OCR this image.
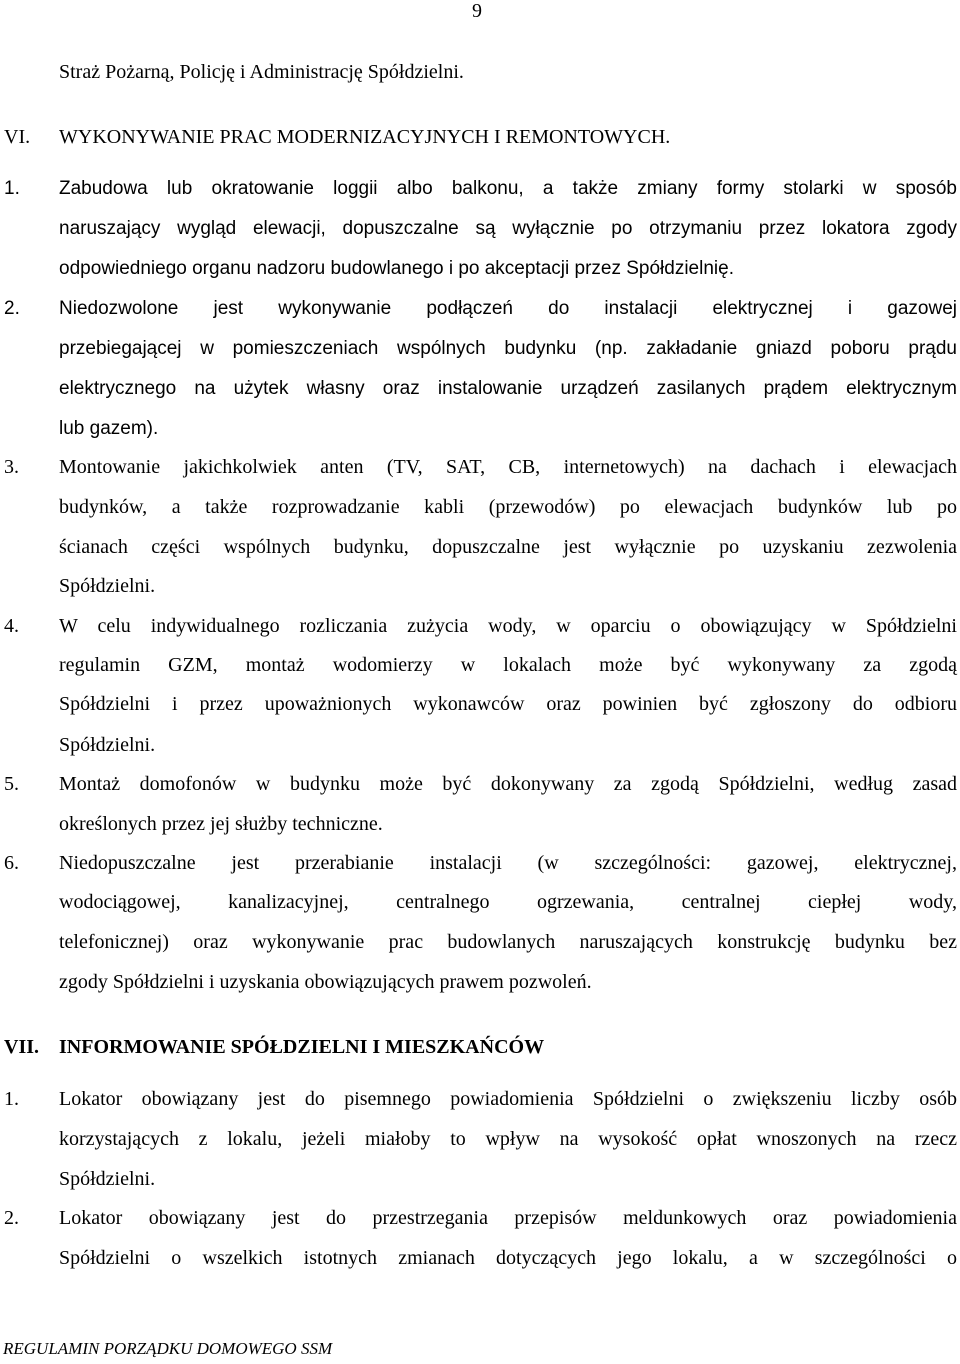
9
Straż Pożarną, Policję i Administrację Spółdzielni.
VI. WYKONYWANIE PRAC MODERNIZACYJNYCH I REMONTOWYCH.
1. Zabudowa lub okratowanie loggii albo balkonu, a także zmiany formy stolarki w sposób
naruszający wygląd elewacji, dopuszczalne są wyłącznie po otrzymaniu przez lokatora zgody
odpowiedniego organu nadzoru budowlanego i po akceptacji przez Spółdzielnię.
2. Niedozwolone jest wykonywanie podłączeń do instalacji elektrycznej i gazowej
przebiegającej w pomieszczeniach wspólnych budynku (np. zakładanie gniazd poboru prądu
elektrycznego na użytek własny oraz instalowanie urządzeń zasilanych prądem elektrycznym
lub gazem).
3. Montowanie jakichkolwiek anten (TV, SAT, CB, internetowych) na dachach i elewacjach
budynków, a także rozprowadzanie kabli (przewodów) po elewacjach budynków lub po
ścianach części wspólnych budynku, dopuszczalne jest wyłącznie po uzyskaniu zezwolenia
Spółdzielni.
4. W celu indywidualnego rozliczania zużycia wody, w oparciu o obowiązujący w Spółdzielni
regulamin GZM, montaż wodomierzy w lokalach może być wykonywany za zgodą
Spółdzielni i przez upoważnionych wykonawców oraz powinien być zgłoszony do odbioru
Spółdzielni.
5. Montaż domofonów w budynku może być dokonywany za zgodą Spółdzielni, według zasad
określonych przez jej służby techniczne.
6. Niedopuszczalne jest przerabianie instalacji (w szczególności: gazowej, elektrycznej,
wodociągowej, kanalizacyjnej, centralnego ogrzewania, centralnej ciepłej wody,
telefonicznej) oraz wykonywanie prac budowlanych naruszających konstrukcję budynku bez
zgody Spółdzielni i uzyskania obowiązujących prawem pozwoleń.
VII. INFORMOWANIE SPÓŁDZIELNI I MIESZKAŃCÓW
1. Lokator obowiązany jest do pisemnego powiadomienia Spółdzielni o zwiększeniu liczby osób
korzystających z lokalu, jeżeli miałoby to wpływ na wysokość opłat wnoszonych na rzecz
Spółdzielni.
2. Lokator obowiązany jest do przestrzegania przepisów meldunkowych oraz powiadomienia
Spółdzielni o wszelkich istotnych zmianach dotyczących jego lokalu, a w szczególności o
REGULAMIN PORZĄDKU DOMOWEGO SSM
